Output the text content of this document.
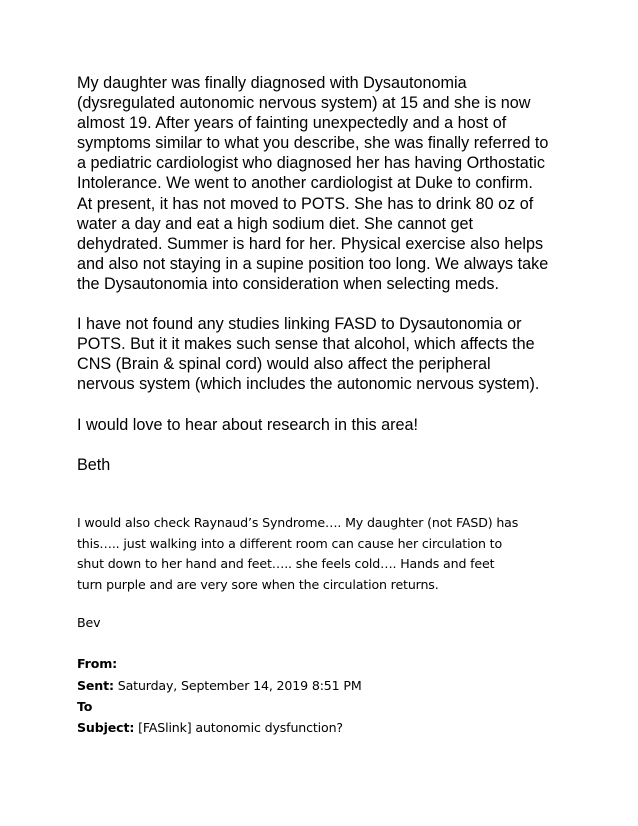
My daughter was finally diagnosed with Dysautonomia
(dysregulated autonomic nervous system) at 15 and she is now
almost 19. After years of fainting unexpectedly and a host of
symptoms similar to what you describe, she was finally referred to
a pediatric cardiologist who diagnosed her has having Orthostatic
Intolerance. We went to another cardiologist at Duke to confirm.
At present, it has not moved to POTS. She has to drink 80 oz of
water a day and eat a high sodium diet. She cannot get
dehydrated. Summer is hard for her. Physical exercise also helps
and also not staying in a supine position too long. We always take
the Dysautonomia into consideration when selecting meds.
I have not found any studies linking FASD to Dysautonomia or
POTS. But it it makes such sense that alcohol, which affects the
CNS (Brain & spinal cord) would also affect the peripheral
nervous system (which includes the autonomic nervous system).
I would love to hear about research in this area!
Beth
I would also check Raynaud’s Syndrome…. My daughter (not FASD) has
this….. just walking into a different room can cause her circulation to
shut down to her hand and feet….. she feels cold…. Hands and feet
turn purple and are very sore when the circulation returns.
Bev
From:
Sent: Saturday, September 14, 2019 8:51 PM
To
Subject: [FASlink] autonomic dysfunction?
